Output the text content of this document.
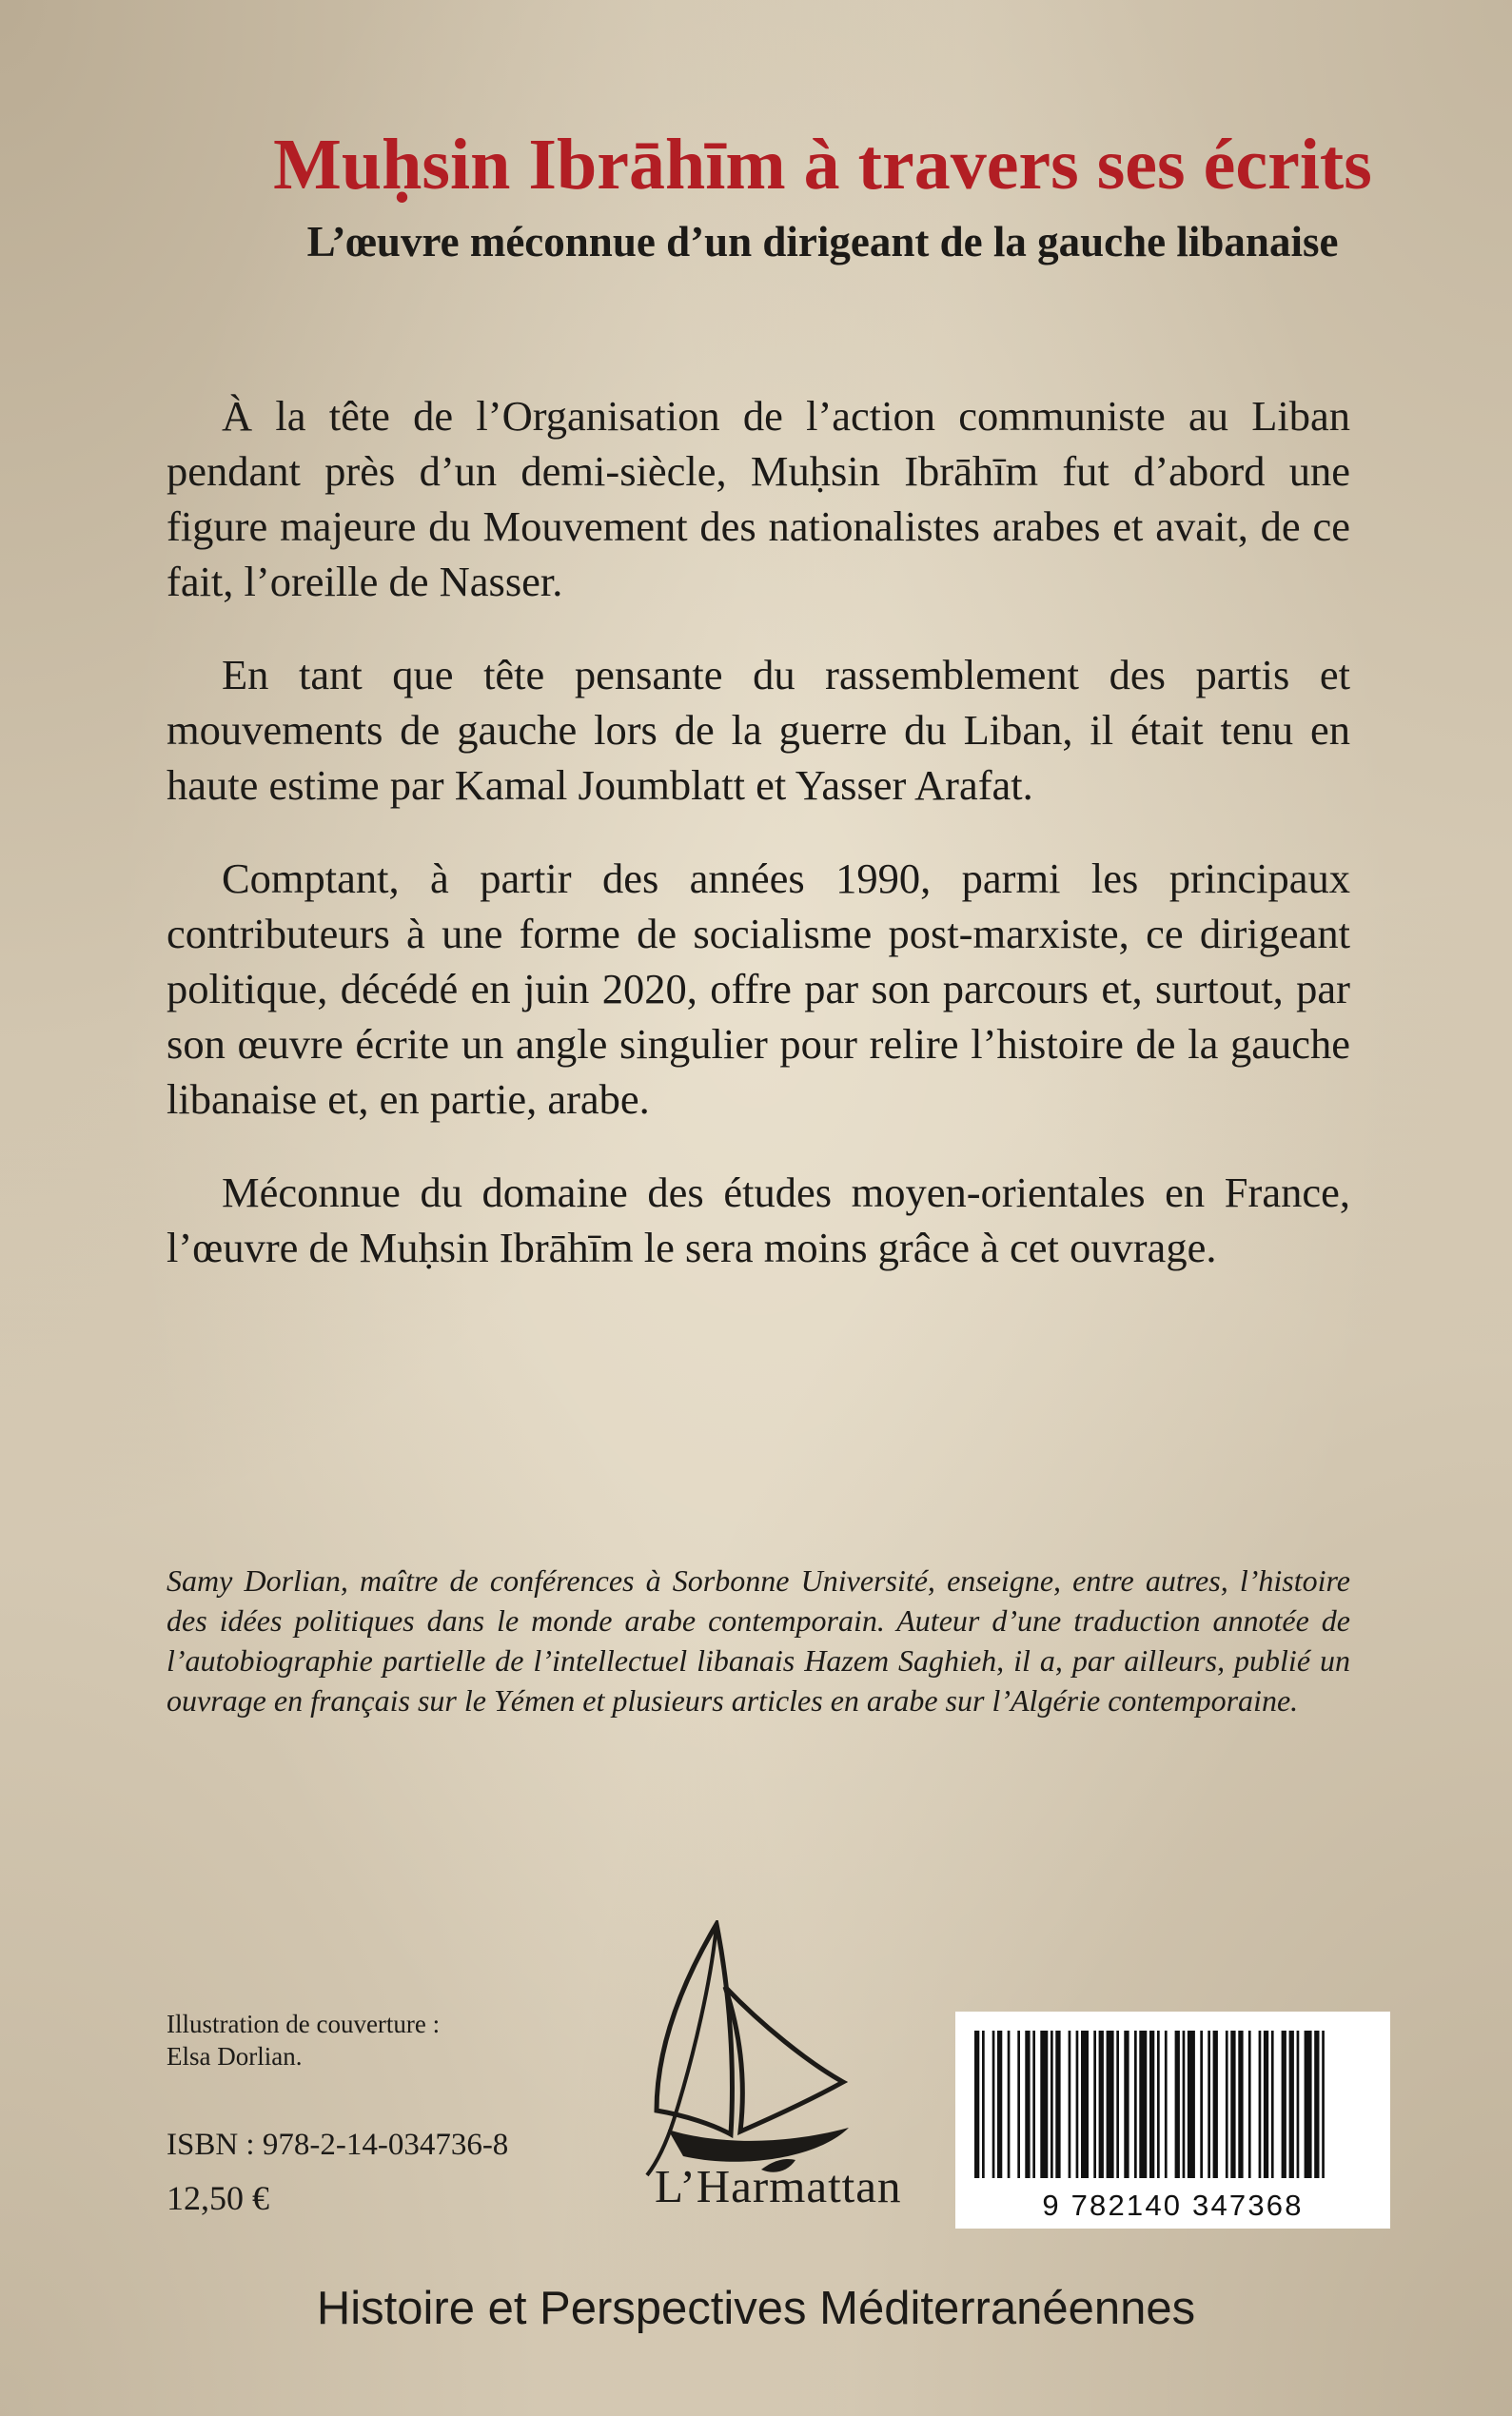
Muḥsin Ibrāhīm à travers ses écrits
L’œuvre méconnue d’un dirigeant de la gauche libanaise

À la tête de l’Organisation de l’action communiste au Liban pendant près d’un demi-siècle, Muḥsin Ibrāhīm fut d’abord une figure majeure du Mouvement des nationalistes arabes et avait, de ce fait, l’oreille de Nasser.

En tant que tête pensante du rassemblement des partis et mouvements de gauche lors de la guerre du Liban, il était tenu en haute estime par Kamal Joumblatt et Yasser Arafat.

Comptant, à partir des années 1990, parmi les principaux contributeurs à une forme de socialisme post-marxiste, ce dirigeant politique, décédé en juin 2020, offre par son parcours et, surtout, par son œuvre écrite un angle singulier pour relire l’histoire de la gauche libanaise et, en partie, arabe.

Méconnue du domaine des études moyen-orientales en France, l’œuvre de Muḥsin Ibrāhīm le sera moins grâce à cet ouvrage.

Samy Dorlian, maître de conférences à Sorbonne Université, enseigne, entre autres, l’histoire des idées politiques dans le monde arabe contemporain. Auteur d’une traduction annotée de l’autobiographie partielle de l’intellectuel libanais Hazem Saghieh, il a, par ailleurs, publié un ouvrage en français sur le Yémen et plusieurs articles en arabe sur l’Algérie contemporaine.
Illustration de couverture :
Elsa Dorlian.
ISBN : 978-2-14-034736-8
12,50 €	L’Harmattan	9 782140 347368
Histoire et Perspectives Méditerranéennes
